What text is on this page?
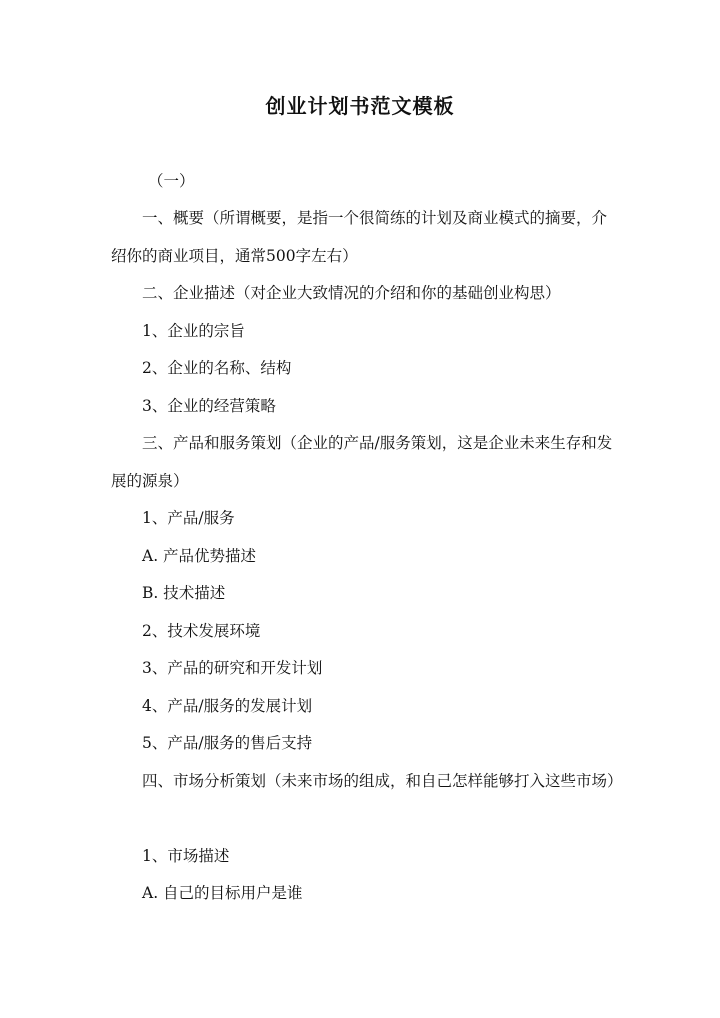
创业计划书范文模板
（一）
一、概要（所谓概要，是指一个很简练的计划及商业模式的摘要，介绍你的商业项目，通常500字左右）
二、企业描述（对企业大致情况的介绍和你的基础创业构思）
1、企业的宗旨
2、企业的名称、结构
3、企业的经营策略
三、产品和服务策划（企业的产品/服务策划，这是企业未来生存和发展的源泉）
1、产品/服务
A. 产品优势描述
B. 技术描述
2、技术发展环境
3、产品的研究和开发计划
4、产品/服务的发展计划
5、产品/服务的售后支持
四、市场分析策划（未来市场的组成，和自己怎样能够打入这些市场）
1、市场描述
A. 自己的目标用户是谁
